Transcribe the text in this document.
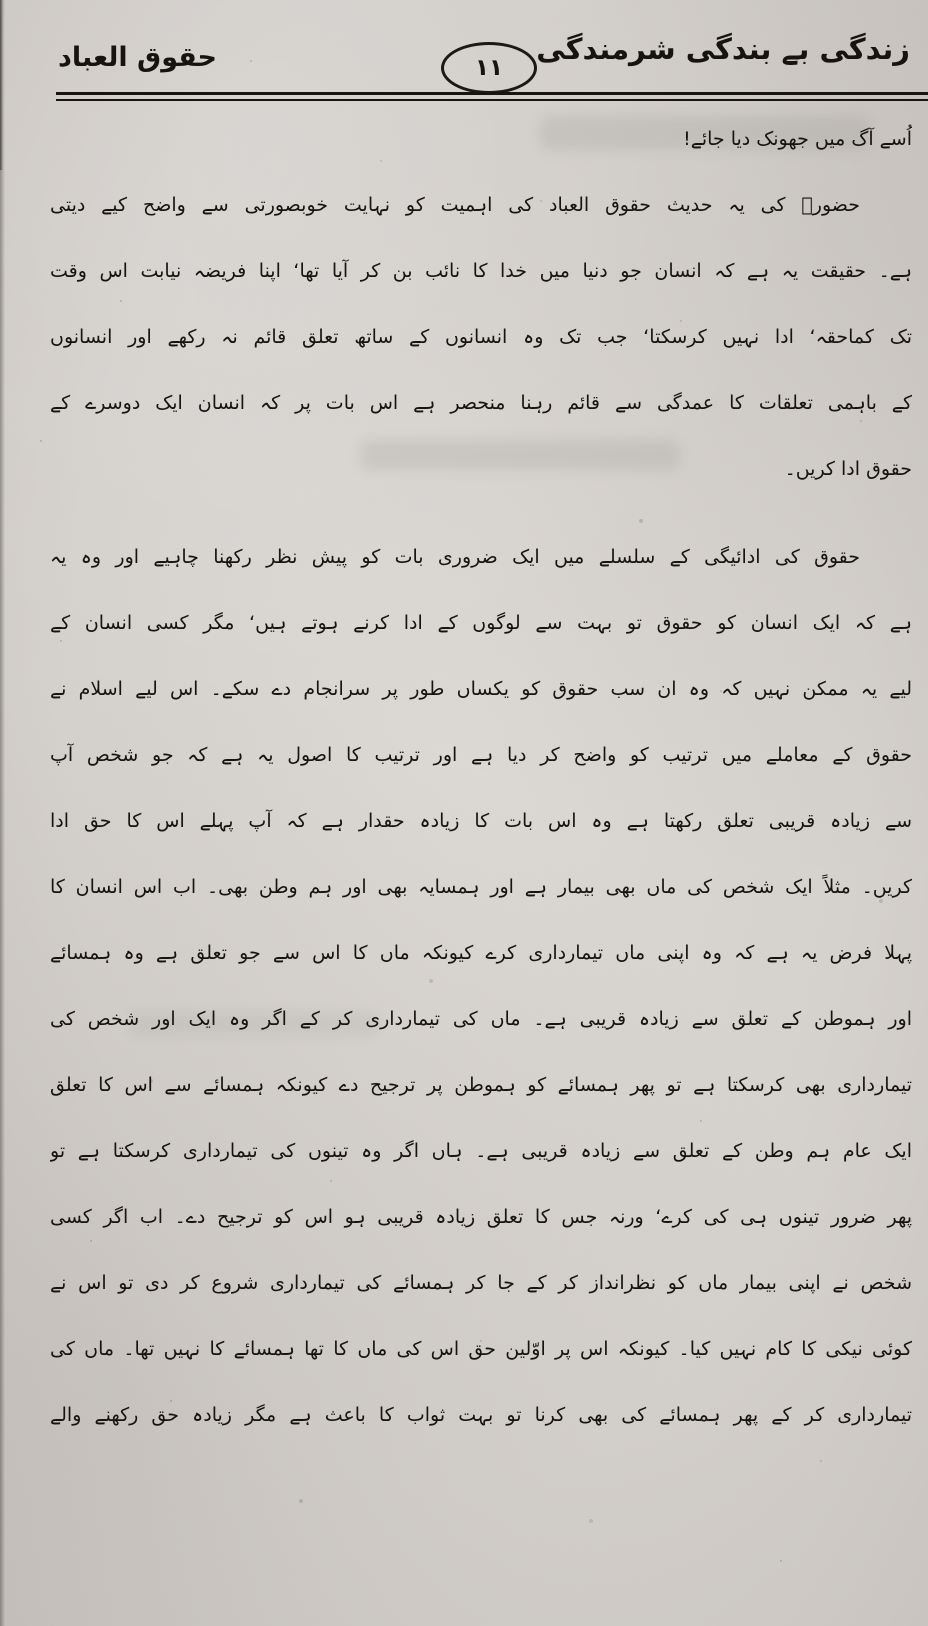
حقوق العباد	۱۱
زندگی بے بندگی شرمندگی

اُسے آگ میں جھونک دیا جائے!

حضورؐ کی یہ حدیث حقوق العباد کی اہمیت کو نہایت خوبصورتی سے واضح کیے دیتی

ہے۔ حقیقت یہ ہے کہ انسان جو دنیا میں خدا کا نائب بن کر آیا تھا‘ اپنا فریضہ نیابت اس وقت

تک کماحقہ‘ ادا نہیں کرسکتا‘ جب تک وہ انسانوں کے ساتھ تعلق قائم نہ رکھے اور انسانوں

کے باہمی تعلقات کا عمدگی سے قائم رہنا منحصر ہے اس بات پر کہ انسان ایک دوسرے کے

حقوق ادا کریں۔

حقوق کی ادائیگی کے سلسلے میں ایک ضروری بات کو پیش نظر رکھنا چاہیے اور وہ یہ

ہے کہ ایک انسان کو حقوق تو بہت سے لوگوں کے ادا کرنے ہوتے ہیں‘ مگر کسی انسان کے

لیے یہ ممکن نہیں کہ وہ ان سب حقوق کو یکساں طور پر سرانجام دے سکے۔ اس لیے اسلام نے

حقوق کے معاملے میں ترتیب کو واضح کر دیا ہے اور ترتیب کا اصول یہ ہے کہ جو شخص آپ

سے زیادہ قریبی تعلق رکھتا ہے وہ اس بات کا زیادہ حقدار ہے کہ آپ پہلے اس کا حق ادا

کریں۔ مثلاً ایک شخص کی ماں بھی بیمار ہے اور ہمسایہ بھی اور ہم وطن بھی۔ اب اس انسان کا

پہلا فرض یہ ہے کہ وہ اپنی ماں تیمارداری کرے کیونکہ ماں کا اس سے جو تعلق ہے وہ ہمسائے

اور ہموطن کے تعلق سے زیادہ قریبی ہے۔ ماں کی تیمارداری کر کے اگر وہ ایک اور شخص کی

تیمارداری بھی کرسکتا ہے تو پھر ہمسائے کو ہموطن پر ترجیح دے کیونکہ ہمسائے سے اس کا تعلق

ایک عام ہم وطن کے تعلق سے زیادہ قریبی ہے۔ ہاں اگر وہ تینوں کی تیمارداری کرسکتا ہے تو

پھر ضرور تینوں ہی کی کرے‘ ورنہ جس کا تعلق زیادہ قریبی ہو اس کو ترجیح دے۔ اب اگر کسی

شخص نے اپنی بیمار ماں کو نظرانداز کر کے جا کر ہمسائے کی تیمارداری شروع کر دی تو اس نے

کوئی نیکی کا کام نہیں کیا۔ کیونکہ اس پر اوّلین حق اس کی ماں کا تھا ہمسائے کا نہیں تھا۔ ماں کی

تیمارداری کر کے پھر ہمسائے کی بھی کرنا تو بہت ثواب کا باعث ہے مگر زیادہ حق رکھنے والے
